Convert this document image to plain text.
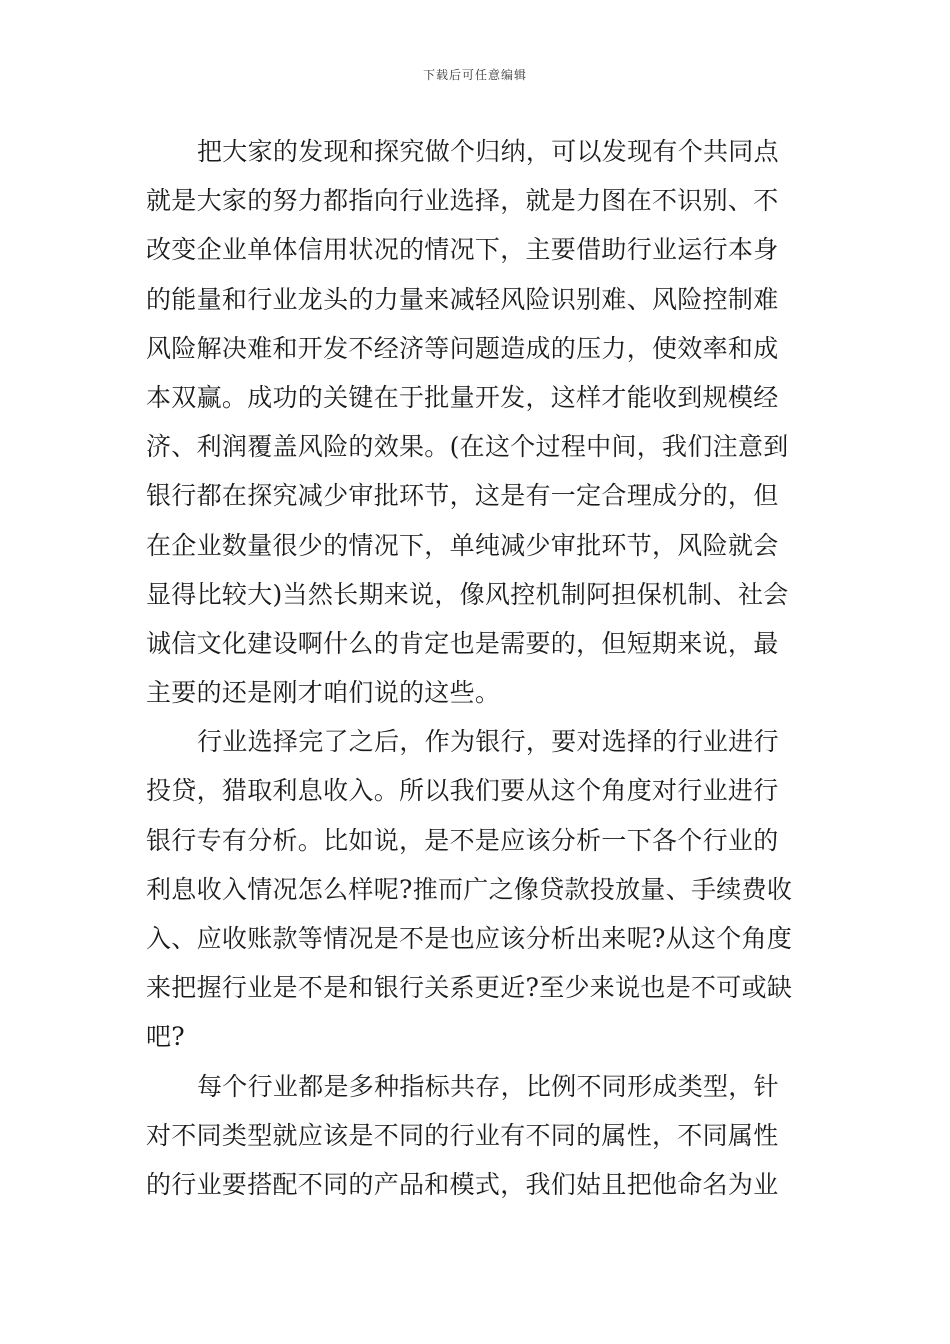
下载后可任意编辑
把大家的发现和探究做个归纳，可以发现有个共同点
就是大家的努力都指向行业选择，就是力图在不识别、不
改变企业单体信用状况的情况下，主要借助行业运行本身
的能量和行业龙头的力量来减轻风险识别难、风险控制难
风险解决难和开发不经济等问题造成的压力，使效率和成
本双赢。成功的关键在于批量开发，这样才能收到规模经
济、利润覆盖风险的效果。(在这个过程中间，我们注意到
银行都在探究减少审批环节，这是有一定合理成分的，但
在企业数量很少的情况下，单纯减少审批环节，风险就会
显得比较大)当然长期来说，像风控机制阿担保机制、社会
诚信文化建设啊什么的肯定也是需要的，但短期来说，最
主要的还是刚才咱们说的这些。
行业选择完了之后，作为银行，要对选择的行业进行
投贷，猎取利息收入。所以我们要从这个角度对行业进行
银行专有分析。比如说，是不是应该分析一下各个行业的
利息收入情况怎么样呢?推而广之像贷款投放量、手续费收
入、应收账款等情况是不是也应该分析出来呢?从这个角度
来把握行业是不是和银行关系更近?至少来说也是不可或缺
吧?
每个行业都是多种指标共存，比例不同形成类型，针
对不同类型就应该是不同的行业有不同的属性，不同属性
的行业要搭配不同的产品和模式，我们姑且把他命名为业
